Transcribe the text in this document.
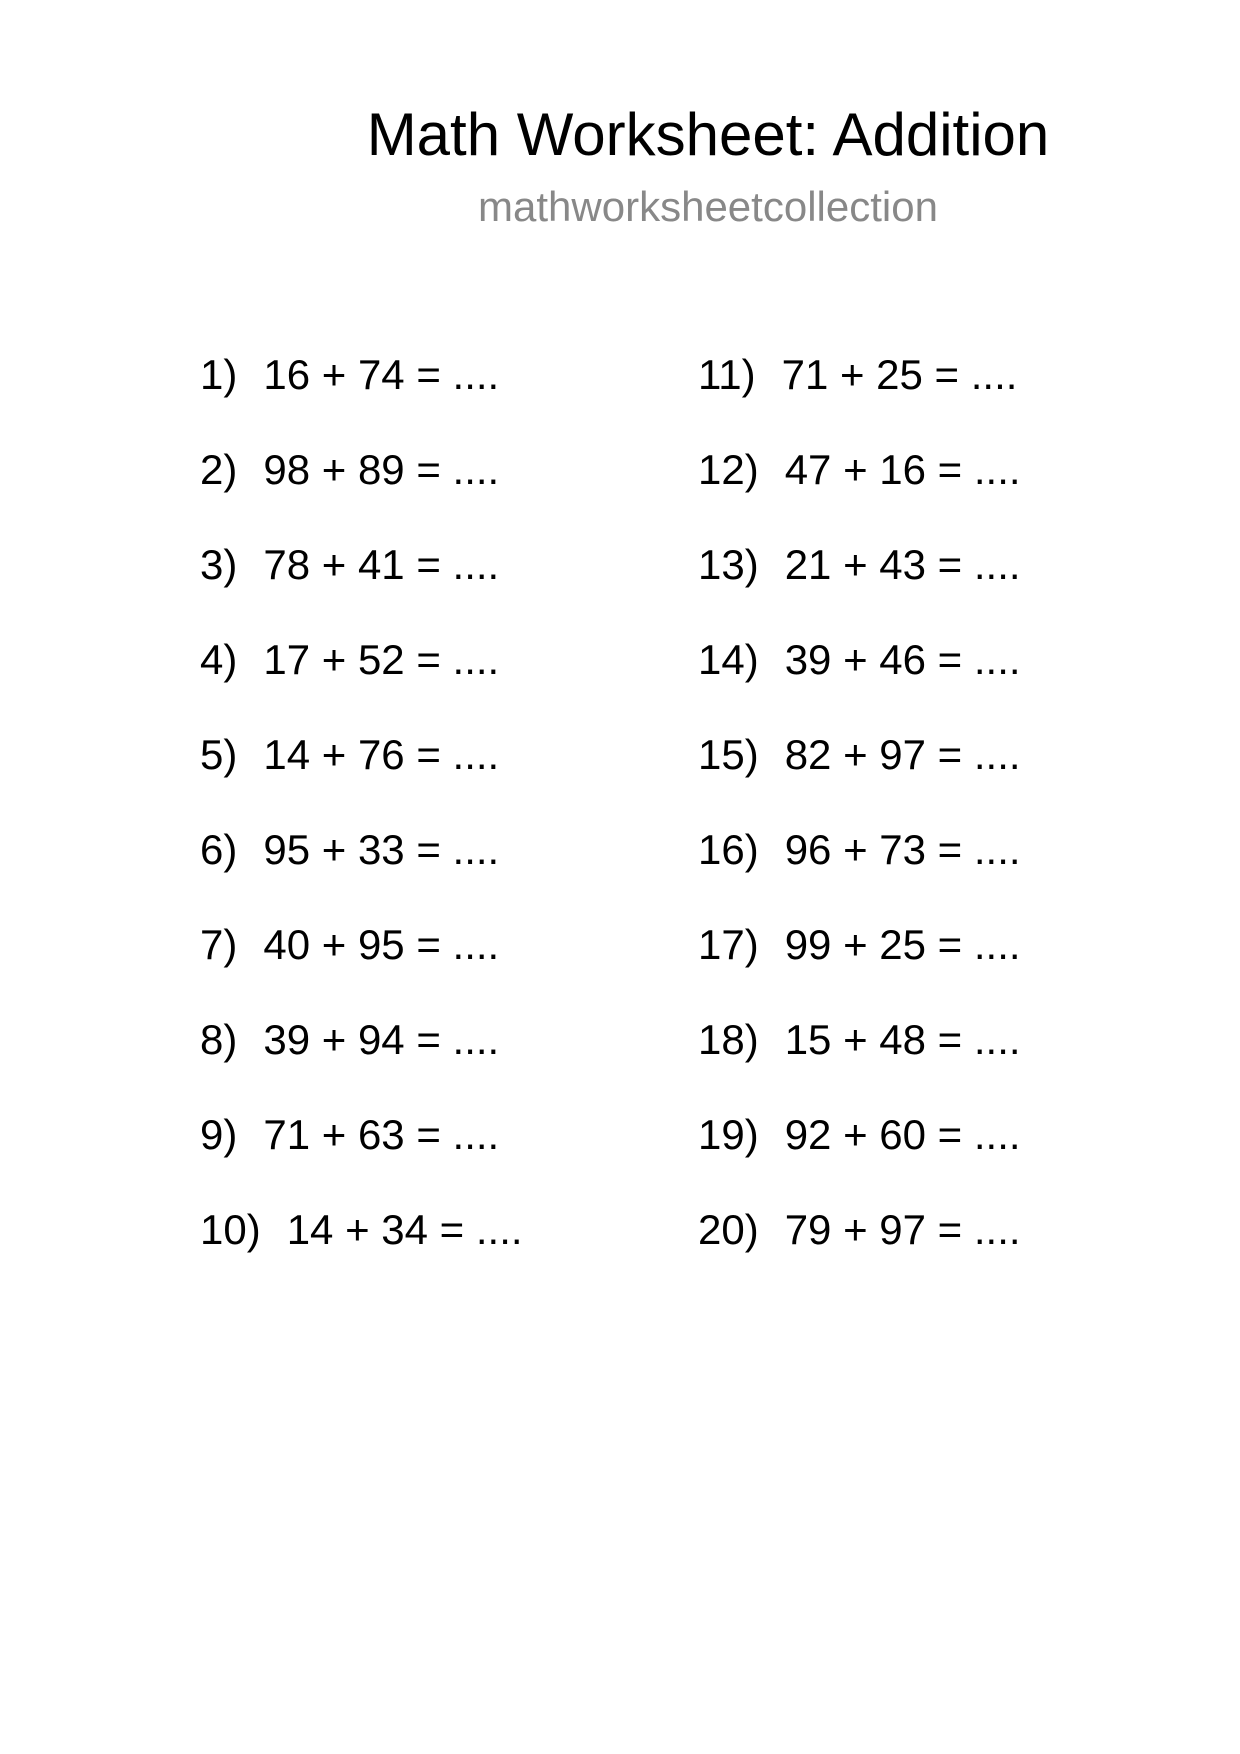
Math Worksheet: Addition
mathworksheetcollection
1) 16 + 74 = ....
2) 98 + 89 = ....
3) 78 + 41 = ....
4) 17 + 52 = ....
5) 14 + 76 = ....
6) 95 + 33 = ....
7) 40 + 95 = ....
8) 39 + 94 = ....
9) 71 + 63 = ....
10) 14 + 34 = ....
11) 71 + 25 = ....
12) 47 + 16 = ....
13) 21 + 43 = ....
14) 39 + 46 = ....
15) 82 + 97 = ....
16) 96 + 73 = ....
17) 99 + 25 = ....
18) 15 + 48 = ....
19) 92 + 60 = ....
20) 79 + 97 = ....
